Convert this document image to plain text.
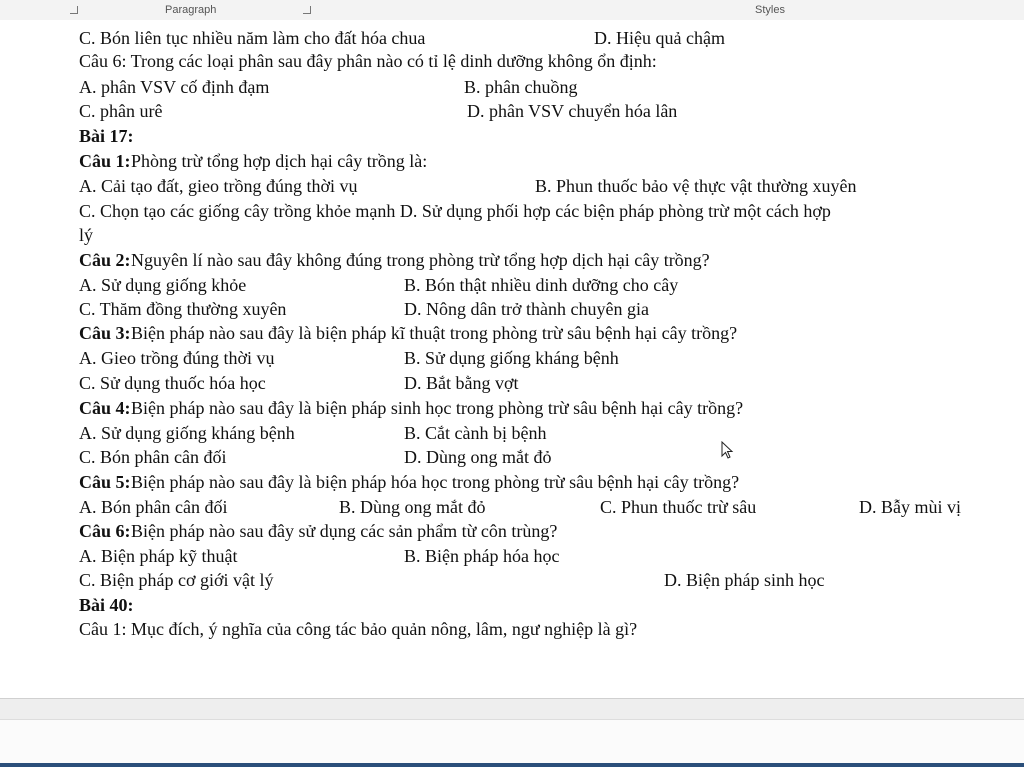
Paragraph	Styles
C. Bón liên tục nhiều năm làm cho đất hóa chua	D. Hiệu quả chậm
Câu 6: Trong các loại phân sau đây phân nào có tỉ lệ dinh dưỡng không ổn định:
A. phân VSV cố định đạm	B. phân chuồng
C. phân urê	D. phân VSV chuyển hóa lân
Bài 17:
Câu 1: Phòng trừ tổng hợp dịch hại cây trồng là:
A. Cải tạo đất, gieo trồng đúng thời vụ	B. Phun thuốc bảo vệ thực vật thường xuyên
C. Chọn tạo các giống cây trồng khỏe mạnh D. Sử dụng phối hợp các biện pháp phòng trừ một cách hợp
lý
Câu 2: Nguyên lí nào sau đây không đúng trong phòng trừ tổng hợp dịch hại cây trồng?
A. Sử dụng giống khỏe	B. Bón thật nhiều dinh dưỡng cho cây
C. Thăm đồng thường xuyên	D. Nông dân trở thành chuyên gia
Câu 3: Biện pháp nào sau đây là biện pháp kĩ thuật trong phòng trừ sâu bệnh hại cây trồng?
A. Gieo trồng đúng thời vụ	B. Sử dụng giống kháng bệnh
C. Sử dụng thuốc hóa học	D. Bắt bằng vợt
Câu 4: Biện pháp nào sau đây là biện pháp sinh học trong phòng trừ sâu bệnh hại cây trồng?
A. Sử dụng giống kháng bệnh	B. Cắt cành bị bệnh
C. Bón phân cân đối	D. Dùng ong mắt đỏ
Câu 5: Biện pháp nào sau đây là biện pháp hóa học trong phòng trừ sâu bệnh hại cây trồng?
A. Bón phân cân đối	B. Dùng ong mắt đỏ	C. Phun thuốc trừ sâu	D. Bẫy mùi vị
Câu 6: Biện pháp nào sau đây sử dụng các sản phẩm từ côn trùng?
A. Biện pháp kỹ thuật	B. Biện pháp hóa học
C. Biện pháp cơ giới vật lý	D. Biện pháp sinh học
Bài 40:
Câu 1: Mục đích, ý nghĩa của công tác bảo quản nông, lâm, ngư nghiệp là gì?
